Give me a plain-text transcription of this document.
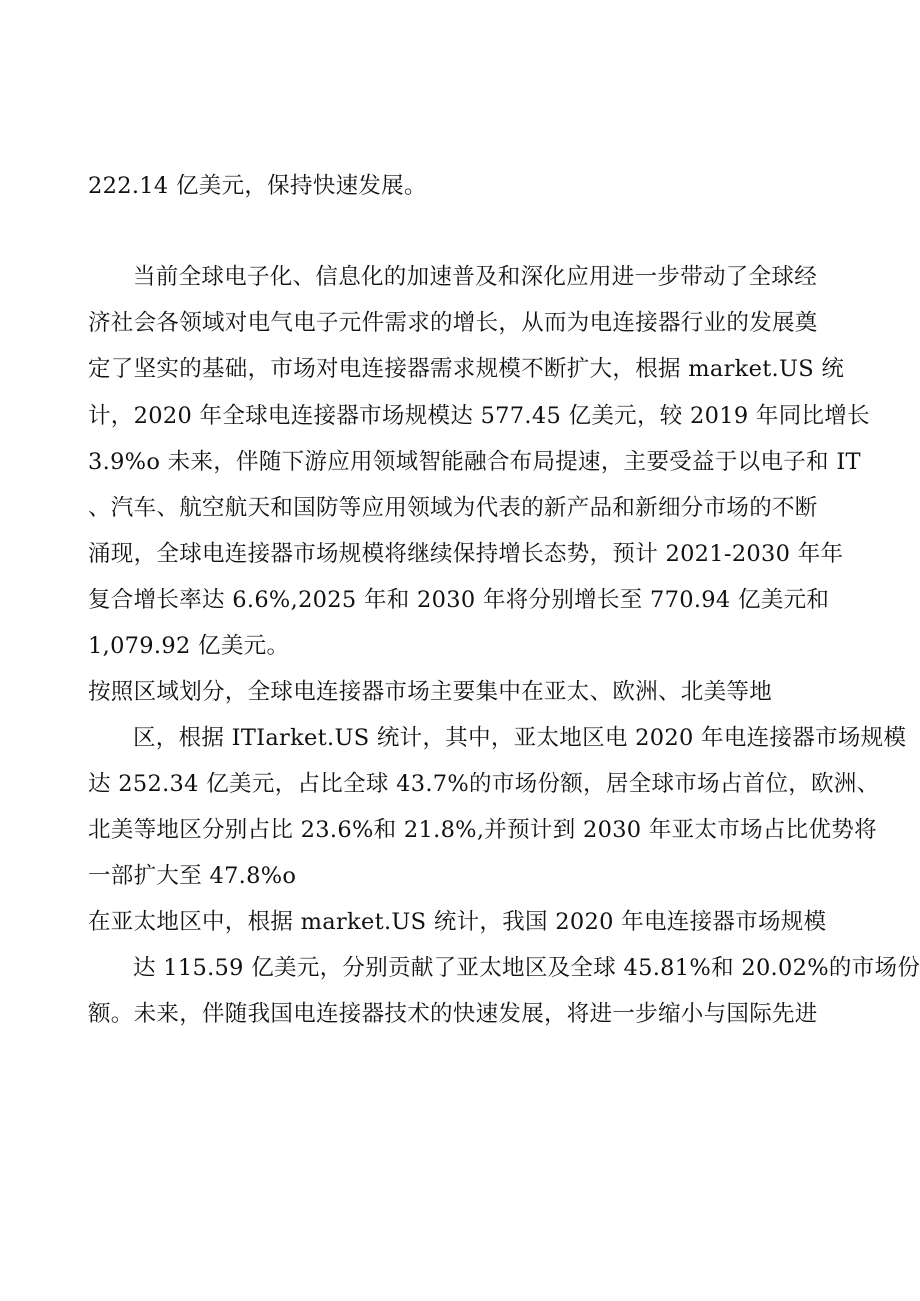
222.14 亿美元，保持快速发展。
当前全球电子化、信息化的加速普及和深化应用进一步带动了全球经
济社会各领域对电气电子元件需求的增长，从而为电连接器行业的发展奠
定了坚实的基础，市场对电连接器需求规模不断扩大，根据 market.US 统
计，2020 年全球电连接器市场规模达 577.45 亿美元，较 2019 年同比增长
3.9%o 未来，伴随下游应用领域智能融合布局提速，主要受益于以电子和 IT
、汽车、航空航天和国防等应用领域为代表的新产品和新细分市场的不断
涌现，全球电连接器市场规模将继续保持增长态势，预计 2021-2030 年年
复合增长率达 6.6%,2025 年和 2030 年将分别增长至 770.94 亿美元和
1,079.92 亿美元。
按照区域划分，全球电连接器市场主要集中在亚太、欧洲、北美等地
区，根据 ITIarket.US 统计，其中，亚太地区电 2020 年电连接器市场规模
达 252.34 亿美元，占比全球 43.7%的市场份额，居全球市场占首位，欧洲、
北美等地区分别占比 23.6%和 21.8%,并预计到 2030 年亚太市场占比优势将
一部扩大至 47.8%o
在亚太地区中，根据 market.US 统计，我国 2020 年电连接器市场规模
达 115.59 亿美元，分别贡献了亚太地区及全球 45.81%和 20.02%的市场份
额。未来，伴随我国电连接器技术的快速发展，将进一步缩小与国际先进
